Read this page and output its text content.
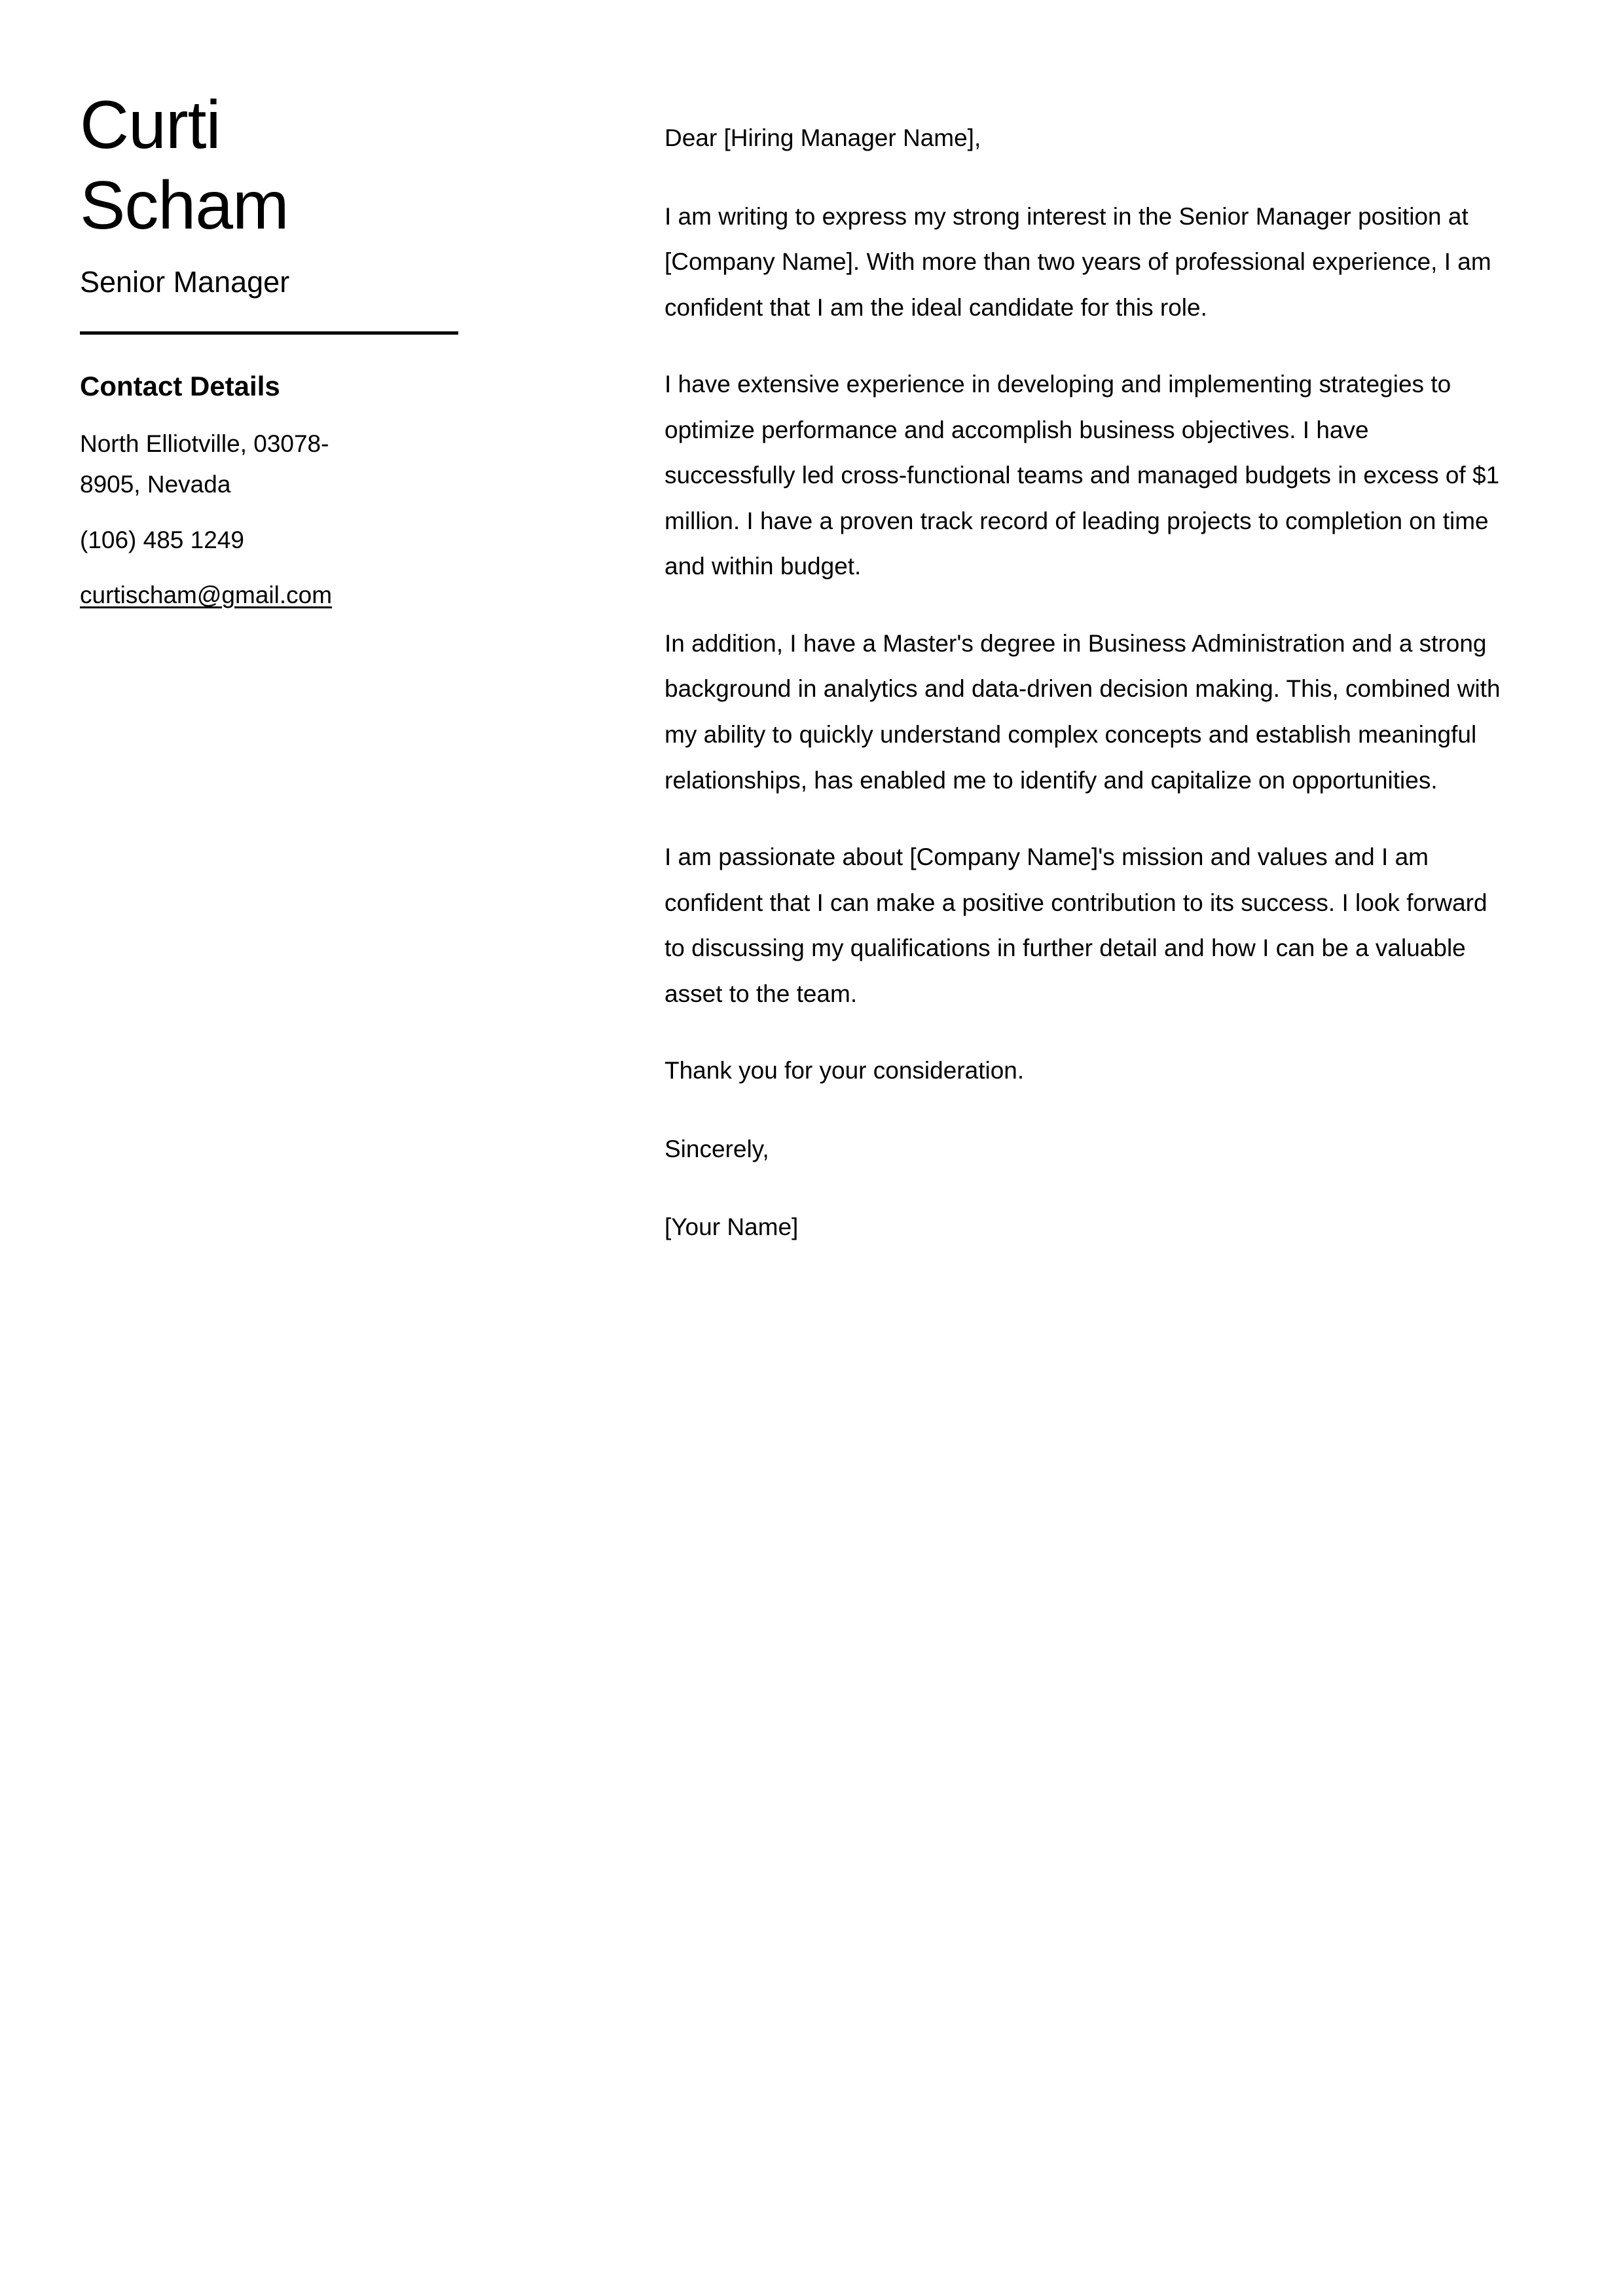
Curti
Scham
Senior Manager
Contact Details
North Elliotville, 03078-8905, Nevada
(106) 485 1249
curtischam@gmail.com

Dear [Hiring Manager Name],

I am writing to express my strong interest in the Senior Manager position at [Company Name]. With more than two years of professional experience, I am confident that I am the ideal candidate for this role.

I have extensive experience in developing and implementing strategies to optimize performance and accomplish business objectives. I have successfully led cross-functional teams and managed budgets in excess of $1 million. I have a proven track record of leading projects to completion on time and within budget.

In addition, I have a Master's degree in Business Administration and a strong background in analytics and data-driven decision making. This, combined with my ability to quickly understand complex concepts and establish meaningful relationships, has enabled me to identify and capitalize on opportunities.

I am passionate about [Company Name]'s mission and values and I am confident that I can make a positive contribution to its success. I look forward to discussing my qualifications in further detail and how I can be a valuable asset to the team.

Thank you for your consideration.

Sincerely,

[Your Name]
